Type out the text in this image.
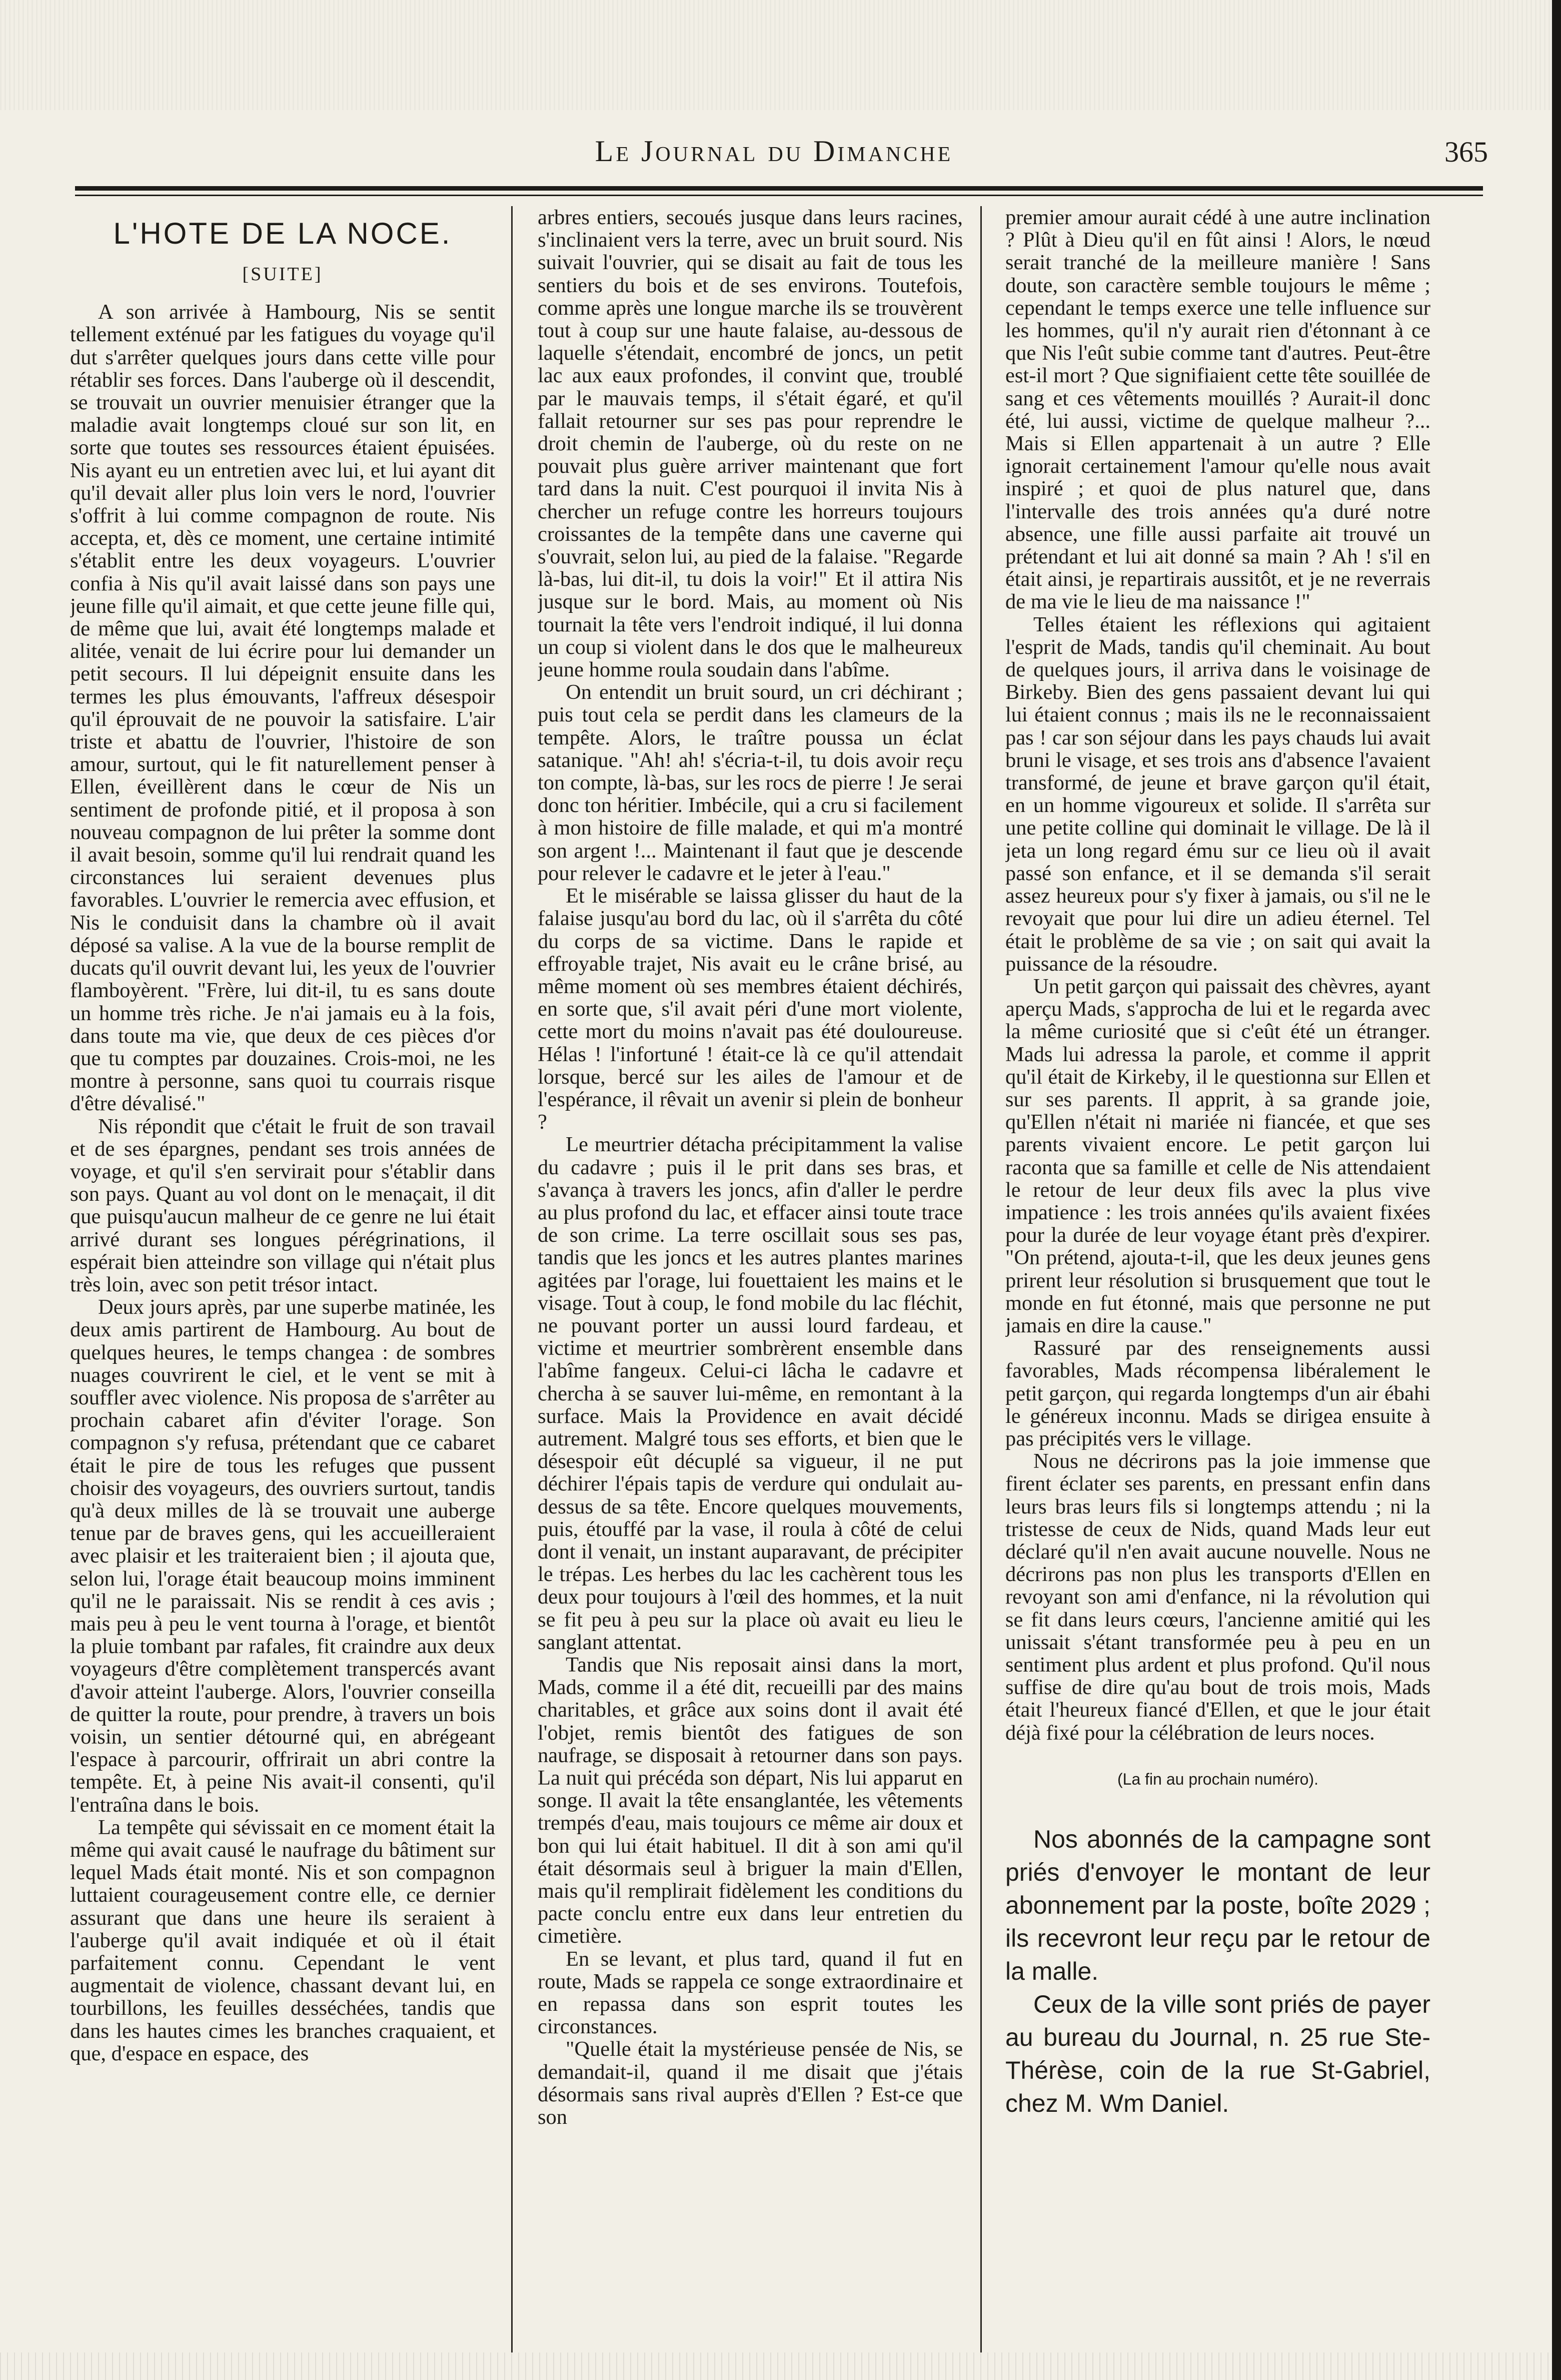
Le Journal du Dimanche	365
L'HOTE DE LA NOCE.
[SUITE]

A son arrivée à Hambourg, Nis se sentit tellement exténué par les fatigues du voyage qu'il dut s'arrêter quelques jours dans cette ville pour rétablir ses forces. Dans l'auberge où il descendit, se trouvait un ouvrier menuisier étranger que la maladie avait longtemps cloué sur son lit, en sorte que toutes ses ressources étaient épuisées. Nis ayant eu un entretien avec lui, et lui ayant dit qu'il devait aller plus loin vers le nord, l'ouvrier s'offrit à lui comme compagnon de route. Nis accepta, et, dès ce moment, une certaine intimité s'établit entre les deux voyageurs. L'ouvrier confia à Nis qu'il avait laissé dans son pays une jeune fille qu'il aimait, et que cette jeune fille qui, de même que lui, avait été longtemps malade et alitée, venait de lui écrire pour lui demander un petit secours. Il lui dépeignit ensuite dans les termes les plus émouvants, l'affreux désespoir qu'il éprouvait de ne pouvoir la satisfaire. L'air triste et abattu de l'ouvrier, l'histoire de son amour, surtout, qui le fit naturellement penser à Ellen, éveillèrent dans le cœur de Nis un sentiment de profonde pitié, et il proposa à son nouveau compagnon de lui prêter la somme dont il avait besoin, somme qu'il lui rendrait quand les circonstances lui seraient devenues plus favorables. L'ouvrier le remercia avec effusion, et Nis le conduisit dans la chambre où il avait déposé sa valise. A la vue de la bourse remplit de ducats qu'il ouvrit devant lui, les yeux de l'ouvrier flamboyèrent. "Frère, lui dit-il, tu es sans doute un homme très riche. Je n'ai jamais eu à la fois, dans toute ma vie, que deux de ces pièces d'or que tu comptes par douzaines. Crois-moi, ne les montre à personne, sans quoi tu courrais risque d'être dévalisé."

Nis répondit que c'était le fruit de son travail et de ses épargnes, pendant ses trois années de voyage, et qu'il s'en servirait pour s'établir dans son pays. Quant au vol dont on le menaçait, il dit que puisqu'aucun malheur de ce genre ne lui était arrivé durant ses longues pérégrinations, il espérait bien atteindre son village qui n'était plus très loin, avec son petit trésor intact.

Deux jours après, par une superbe matinée, les deux amis partirent de Hambourg. Au bout de quelques heures, le temps changea : de sombres nuages couvrirent le ciel, et le vent se mit à souffler avec violence. Nis proposa de s'arrêter au prochain cabaret afin d'éviter l'orage. Son compagnon s'y refusa, prétendant que ce cabaret était le pire de tous les refuges que pussent choisir des voyageurs, des ouvriers surtout, tandis qu'à deux milles de là se trouvait une auberge tenue par de braves gens, qui les accueilleraient avec plaisir et les traiteraient bien ; il ajouta que, selon lui, l'orage était beaucoup moins imminent qu'il ne le paraissait. Nis se rendit à ces avis ; mais peu à peu le vent tourna à l'orage, et bientôt la pluie tombant par rafales, fit craindre aux deux voyageurs d'être complètement transpercés avant d'avoir atteint l'auberge. Alors, l'ouvrier conseilla de quitter la route, pour prendre, à travers un bois voisin, un sentier détourné qui, en abrégeant l'espace à parcourir, offrirait un abri contre la tempête. Et, à peine Nis avait-il consenti, qu'il l'entraîna dans le bois.

La tempête qui sévissait en ce moment était la même qui avait causé le naufrage du bâtiment sur lequel Mads était monté. Nis et son compagnon luttaient courageusement contre elle, ce dernier assurant que dans une heure ils seraient à l'auberge qu'il avait indiquée et où il était parfaitement connu. Cependant le vent augmentait de violence, chassant devant lui, en tourbillons, les feuilles desséchées, tandis que dans les hautes cimes les branches craquaient, et que, d'espace en espace, des

arbres entiers, secoués jusque dans leurs racines, s'inclinaient vers la terre, avec un bruit sourd. Nis suivait l'ouvrier, qui se disait au fait de tous les sentiers du bois et de ses environs. Toutefois, comme après une longue marche ils se trouvèrent tout à coup sur une haute falaise, au-dessous de laquelle s'étendait, encombré de joncs, un petit lac aux eaux profondes, il convint que, troublé par le mauvais temps, il s'était égaré, et qu'il fallait retourner sur ses pas pour reprendre le droit chemin de l'auberge, où du reste on ne pouvait plus guère arriver maintenant que fort tard dans la nuit. C'est pourquoi il invita Nis à chercher un refuge contre les horreurs toujours croissantes de la tempête dans une caverne qui s'ouvrait, selon lui, au pied de la falaise. "Regarde là-bas, lui dit-il, tu dois la voir!" Et il attira Nis jusque sur le bord. Mais, au moment où Nis tournait la tête vers l'endroit indiqué, il lui donna un coup si violent dans le dos que le malheureux jeune homme roula soudain dans l'abîme.

On entendit un bruit sourd, un cri déchirant ; puis tout cela se perdit dans les clameurs de la tempête. Alors, le traître poussa un éclat satanique. "Ah! ah! s'écria-t-il, tu dois avoir reçu ton compte, là-bas, sur les rocs de pierre ! Je serai donc ton héritier. Imbécile, qui a cru si facilement à mon histoire de fille malade, et qui m'a montré son argent !... Maintenant il faut que je descende pour relever le cadavre et le jeter à l'eau."

Et le misérable se laissa glisser du haut de la falaise jusqu'au bord du lac, où il s'arrêta du côté du corps de sa victime. Dans le rapide et effroyable trajet, Nis avait eu le crâne brisé, au même moment où ses membres étaient déchirés, en sorte que, s'il avait péri d'une mort violente, cette mort du moins n'avait pas été douloureuse. Hélas ! l'infortuné ! était-ce là ce qu'il attendait lorsque, bercé sur les ailes de l'amour et de l'espérance, il rêvait un avenir si plein de bonheur ?

Le meurtrier détacha précipitamment la valise du cadavre ; puis il le prit dans ses bras, et s'avança à travers les joncs, afin d'aller le perdre au plus profond du lac, et effacer ainsi toute trace de son crime. La terre oscillait sous ses pas, tandis que les joncs et les autres plantes marines agitées par l'orage, lui fouettaient les mains et le visage. Tout à coup, le fond mobile du lac fléchit, ne pouvant porter un aussi lourd fardeau, et victime et meurtrier sombrèrent ensemble dans l'abîme fangeux. Celui-ci lâcha le cadavre et chercha à se sauver lui-même, en remontant à la surface. Mais la Providence en avait décidé autrement. Malgré tous ses efforts, et bien que le désespoir eût décuplé sa vigueur, il ne put déchirer l'épais tapis de verdure qui ondulait au-dessus de sa tête. Encore quelques mouvements, puis, étouffé par la vase, il roula à côté de celui dont il venait, un instant auparavant, de précipiter le trépas. Les herbes du lac les cachèrent tous les deux pour toujours à l'œil des hommes, et la nuit se fit peu à peu sur la place où avait eu lieu le sanglant attentat.

Tandis que Nis reposait ainsi dans la mort, Mads, comme il a été dit, recueilli par des mains charitables, et grâce aux soins dont il avait été l'objet, remis bientôt des fatigues de son naufrage, se disposait à retourner dans son pays. La nuit qui précéda son départ, Nis lui apparut en songe. Il avait la tête ensanglantée, les vêtements trempés d'eau, mais toujours ce même air doux et bon qui lui était habituel. Il dit à son ami qu'il était désormais seul à briguer la main d'Ellen, mais qu'il remplirait fidèlement les conditions du pacte conclu entre eux dans leur entretien du cimetière.

En se levant, et plus tard, quand il fut en route, Mads se rappela ce songe extraordinaire et en repassa dans son esprit toutes les circonstances.

"Quelle était la mystérieuse pensée de Nis, se demandait-il, quand il me disait que j'étais désormais sans rival auprès d'Ellen ? Est-ce que son

premier amour aurait cédé à une autre inclination ? Plût à Dieu qu'il en fût ainsi ! Alors, le nœud serait tranché de la meilleure manière ! Sans doute, son caractère semble toujours le même ; cependant le temps exerce une telle influence sur les hommes, qu'il n'y aurait rien d'étonnant à ce que Nis l'eût subie comme tant d'autres. Peut-être est-il mort ? Que signifiaient cette tête souillée de sang et ces vêtements mouillés ? Aurait-il donc été, lui aussi, victime de quelque malheur ?... Mais si Ellen appartenait à un autre ? Elle ignorait certainement l'amour qu'elle nous avait inspiré ; et quoi de plus naturel que, dans l'intervalle des trois années qu'a duré notre absence, une fille aussi parfaite ait trouvé un prétendant et lui ait donné sa main ? Ah ! s'il en était ainsi, je repartirais aussitôt, et je ne reverrais de ma vie le lieu de ma naissance !"

Telles étaient les réflexions qui agitaient l'esprit de Mads, tandis qu'il cheminait. Au bout de quelques jours, il arriva dans le voisinage de Birkeby. Bien des gens passaient devant lui qui lui étaient connus ; mais ils ne le reconnaissaient pas ! car son séjour dans les pays chauds lui avait bruni le visage, et ses trois ans d'absence l'avaient transformé, de jeune et brave garçon qu'il était, en un homme vigoureux et solide. Il s'arrêta sur une petite colline qui dominait le village. De là il jeta un long regard ému sur ce lieu où il avait passé son enfance, et il se demanda s'il serait assez heureux pour s'y fixer à jamais, ou s'il ne le revoyait que pour lui dire un adieu éternel. Tel était le problème de sa vie ; on sait qui avait la puissance de la résoudre.

Un petit garçon qui paissait des chèvres, ayant aperçu Mads, s'approcha de lui et le regarda avec la même curiosité que si c'eût été un étranger. Mads lui adressa la parole, et comme il apprit qu'il était de Kirkeby, il le questionna sur Ellen et sur ses parents. Il apprit, à sa grande joie, qu'Ellen n'était ni mariée ni fiancée, et que ses parents vivaient encore. Le petit garçon lui raconta que sa famille et celle de Nis attendaient le retour de leur deux fils avec la plus vive impatience : les trois années qu'ils avaient fixées pour la durée de leur voyage étant près d'expirer. "On prétend, ajouta-t-il, que les deux jeunes gens prirent leur résolution si brusquement que tout le monde en fut étonné, mais que personne ne put jamais en dire la cause."

Rassuré par des renseignements aussi favorables, Mads récompensa libéralement le petit garçon, qui regarda longtemps d'un air ébahi le généreux inconnu. Mads se dirigea ensuite à pas précipités vers le village.

Nous ne décrirons pas la joie immense que firent éclater ses parents, en pressant enfin dans leurs bras leurs fils si longtemps attendu ; ni la tristesse de ceux de Nids, quand Mads leur eut déclaré qu'il n'en avait aucune nouvelle. Nous ne décrirons pas non plus les transports d'Ellen en revoyant son ami d'enfance, ni la révolution qui se fit dans leurs cœurs, l'ancienne amitié qui les unissait s'étant transformée peu à peu en un sentiment plus ardent et plus profond. Qu'il nous suffise de dire qu'au bout de trois mois, Mads était l'heureux fiancé d'Ellen, et que le jour était déjà fixé pour la célébration de leurs noces.

(La fin au prochain numéro).

Nos abonnés de la campagne sont priés d'envoyer le montant de leur abonnement par la poste, boîte 2029 ; ils recevront leur reçu par le retour de la malle.

Ceux de la ville sont priés de payer au bureau du Journal, n. 25 rue Ste-Thérèse, coin de la rue St-Gabriel, chez M. Wm Daniel.
